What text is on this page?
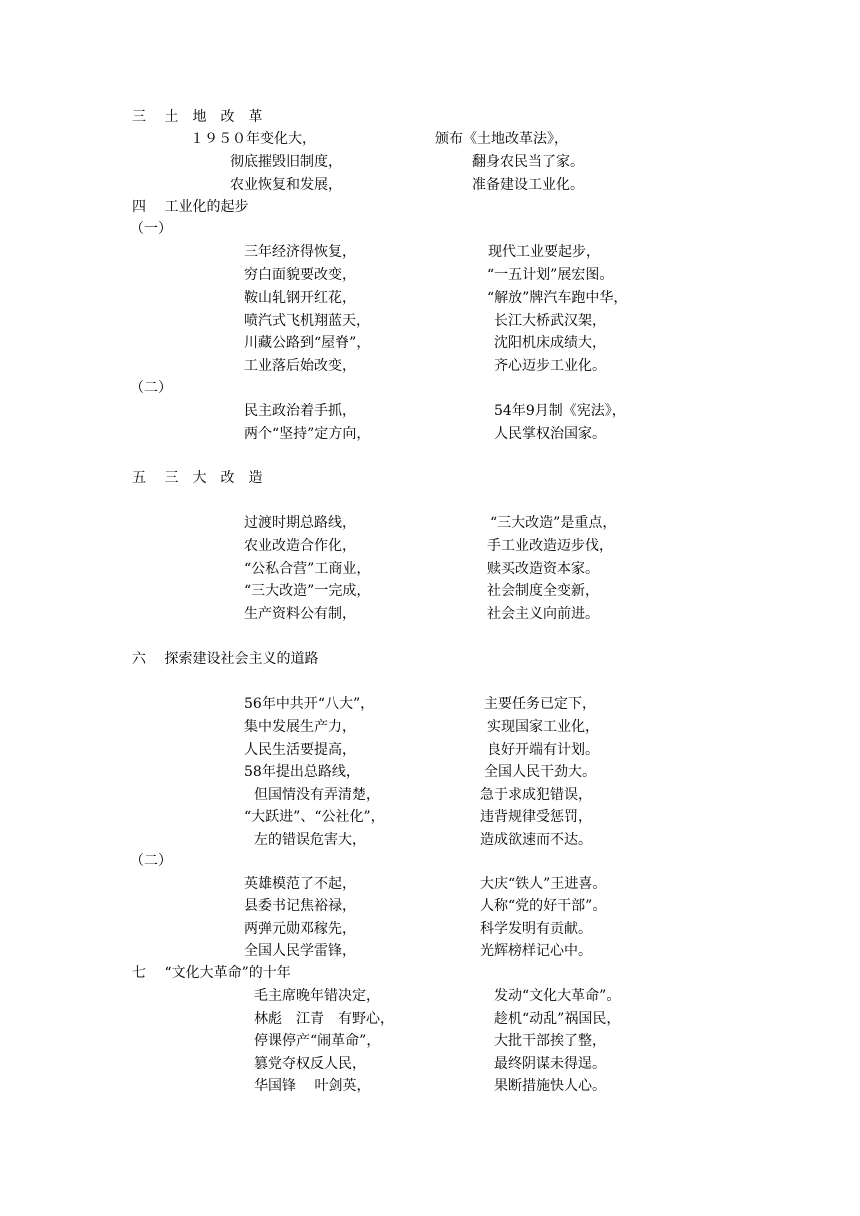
三　 土　地　改　革
１９５０年变化大，	颁布《土地改革法》，
彻底摧毁旧制度，	翻身农民当了家。
农业恢复和发展，	准备建设工业化。
四　 工业化的起步
（一）
三年经济得恢复，	现代工业要起步，
穷白面貌要改变，	“一五计划”展宏图。
鞍山轧钢开红花，	“解放”牌汽车跑中华，
喷汽式飞机翔蓝天，	长江大桥武汉架，
川藏公路到“屋脊”，	沈阳机床成绩大，
工业落后始改变，	齐心迈步工业化。
（二）
民主政治着手抓，	54年9月制《宪法》，
两个“坚持”定方向，	人民掌权治国家。
五　 三　大　改　造
过渡时期总路线，	“三大改造”是重点，
农业改造合作化，	手工业改造迈步伐，
“公私合营”工商业，	赎买改造资本家。
“三大改造”一完成，	社会制度全变新，
生产资料公有制，	社会主义向前进。
六　 探索建设社会主义的道路
56年中共开“八大”，	主要任务已定下，
集中发展生产力，	实现国家工业化，
人民生活要提高，	良好开端有计划。
58年提出总路线，	全国人民干劲大。
但国情没有弄清楚，	急于求成犯错误，
“大跃进”、“公社化”，	违背规律受惩罚，
左的错误危害大，	造成欲速而不达。
（二）
英雄模范了不起，	大庆“铁人”王进喜。
县委书记焦裕禄，	人称“党的好干部”。
两弹元勋邓稼先，	科学发明有贡献。
全国人民学雷锋，	光辉榜样记心中。
七　 “文化大革命”的十年
毛主席晚年错决定，	发动“文化大革命”。
林彪　江青　有野心，	趁机“动乱”祸国民，
停课停产“闹革命”，	大批干部挨了整，
篡党夺权反人民，	最终阴谋未得逞。
华国锋　 叶剑英，	果断措施快人心。
